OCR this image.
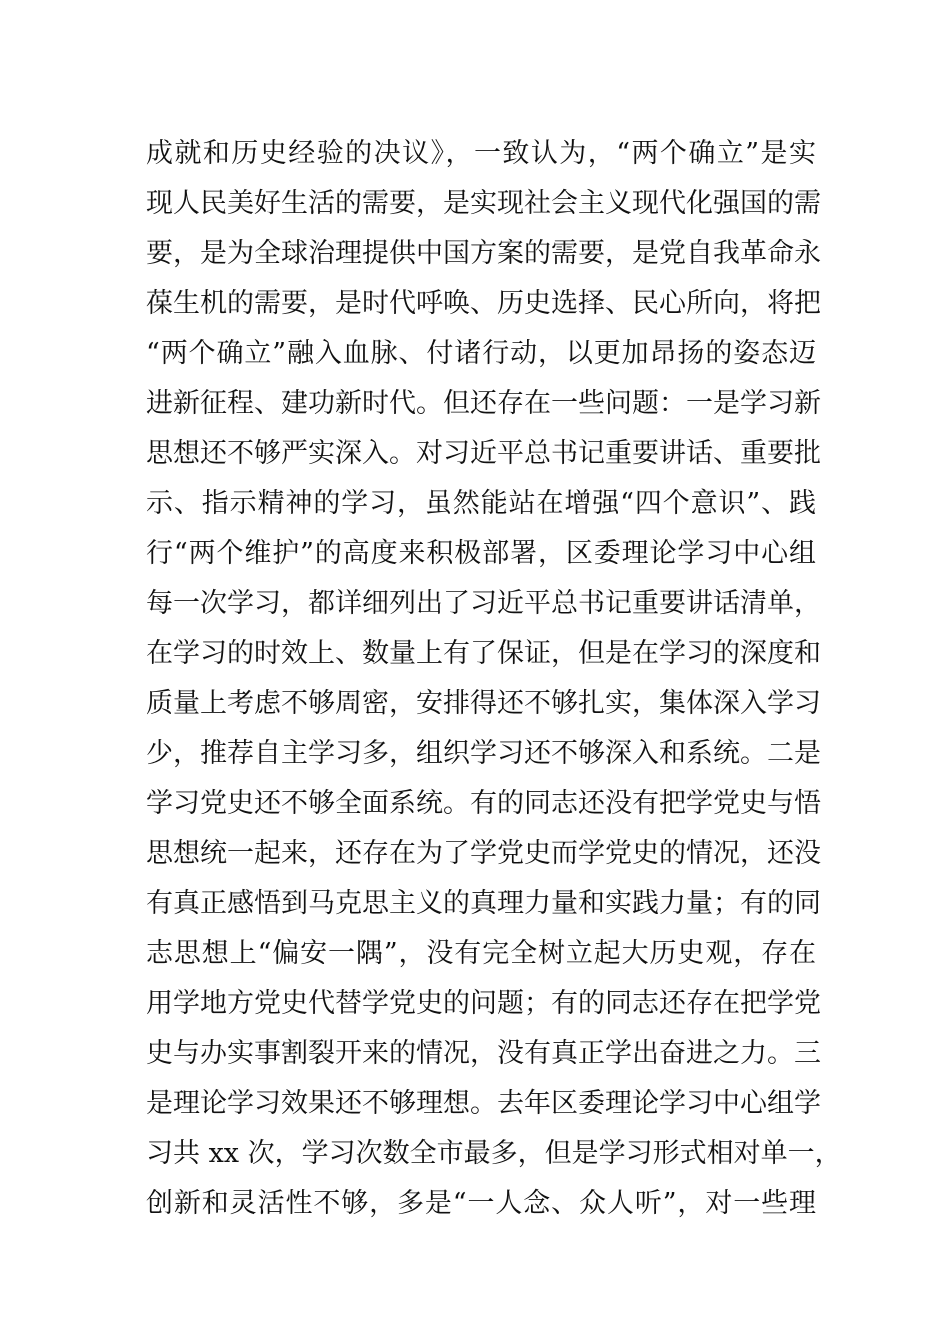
成就和历史经验的决议》，一致认为，“两个确立”是实
现人民美好生活的需要，是实现社会主义现代化强国的需
要，是为全球治理提供中国方案的需要，是党自我革命永
葆生机的需要，是时代呼唤、历史选择、民心所向，将把
“两个确立”融入血脉、付诸行动，以更加昂扬的姿态迈
进新征程、建功新时代。但还存在一些问题：一是学习新
思想还不够严实深入。对习近平总书记重要讲话、重要批
示、指示精神的学习，虽然能站在增强“四个意识”、践
行“两个维护”的高度来积极部署，区委理论学习中心组
每一次学习，都详细列出了习近平总书记重要讲话清单，
在学习的时效上、数量上有了保证，但是在学习的深度和
质量上考虑不够周密，安排得还不够扎实，集体深入学习
少，推荐自主学习多，组织学习还不够深入和系统。二是
学习党史还不够全面系统。有的同志还没有把学党史与悟
思想统一起来，还存在为了学党史而学党史的情况，还没
有真正感悟到马克思主义的真理力量和实践力量；有的同
志思想上“偏安一隅”，没有完全树立起大历史观，存在
用学地方党史代替学党史的问题；有的同志还存在把学党
史与办实事割裂开来的情况，没有真正学出奋进之力。三
是理论学习效果还不够理想。去年区委理论学习中心组学
习共 xx 次，学习次数全市最多，但是学习形式相对单一，
创新和灵活性不够，多是“一人念、众人听”，对一些理
